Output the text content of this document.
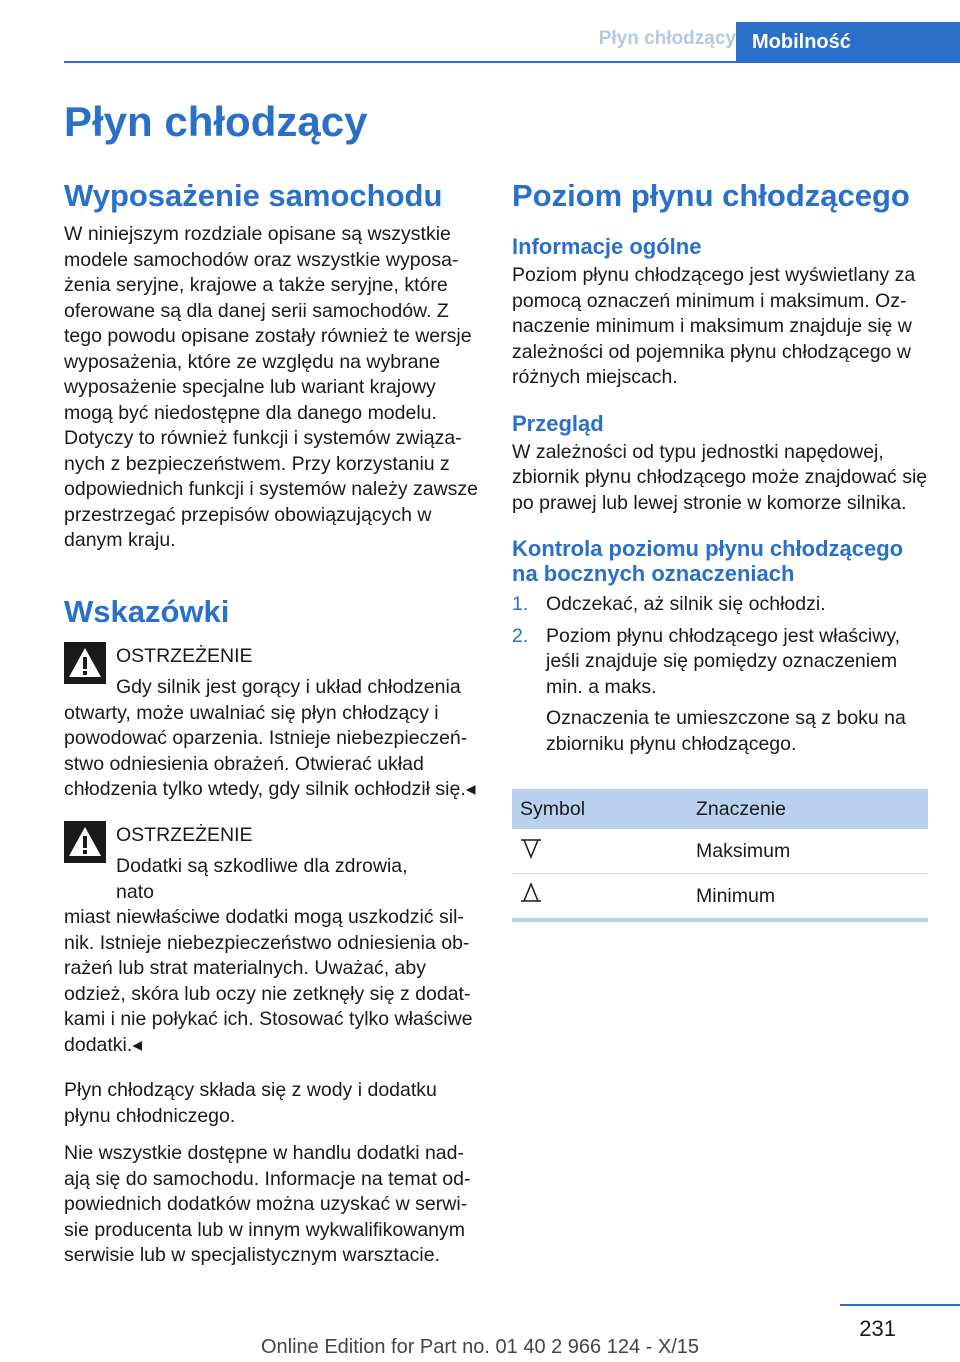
Płyn chłodzący Mobilność
Płyn chłodzący
Wyposażenie samochodu

W niniejszym rozdziale opisane są wszystkie modele samochodów oraz wszystkie wyposażenia seryjne, krajowe a także seryjne, które oferowane są dla danej serii samochodów. Z tego powodu opisane zostały również te wersje wyposażenia, które ze względu na wybrane wyposażenie specjalne lub wariant krajowy mogą być niedostępne dla danego modelu. Dotyczy to również funkcji i systemów związanych z bezpieczeństwem. Przy korzystaniu z odpowiednich funkcji i systemów należy zawsze przestrzegać przepisów obowiązujących w danym kraju.

Wskazówki
OSTRZEŻENIE
Gdy silnik jest gorący i układ chłodzenia

otwarty, może uwalniać się płyn chłodzący i powodować oparzenia. Istnieje niebezpieczeństwo odniesienia obrażeń. Otwierać układ chłodzenia tylko wtedy, gdy silnik ochłodził się.◂

OSTRZEŻENIE
Dodatki są szkodliwe dla zdrowia, nato

miast niewłaściwe dodatki mogą uszkodzić silnik. Istnieje niebezpieczeństwo odniesienia obrażeń lub strat materialnych. Uważać, aby odzież, skóra lub oczy nie zetknęły się z dodatkami i nie połykać ich. Stosować tylko właściwe dodatki.◂

Płyn chłodzący składa się z wody i dodatku płynu chłodniczego.

Nie wszystkie dostępne w handlu dodatki nadają się do samochodu. Informacje na temat odpowiednich dodatków można uzyskać w serwisie producenta lub w innym wykwalifikowanym serwisie lub w specjalistycznym warsztacie.

Poziom płynu chłodzącego
Informacje ogólne

Poziom płynu chłodzącego jest wyświetlany za pomocą oznaczeń minimum i maksimum. Oznaczenie minimum i maksimum znajduje się w zależności od pojemnika płynu chłodzącego w różnych miejscach.

Przegląd

W zależności od typu jednostki napędowej, zbiornik płynu chłodzącego może znajdować się po prawej lub lewej stronie w komorze silnika.

Kontrola poziomu płynu chłodzącego na bocznych oznaczeniach
1. Odczekać, aż silnik się ochłodzi.
2. Poziom płynu chłodzącego jest właściwy, jeśli znajduje się pomiędzy oznaczeniem min. a maks.

Oznaczenia te umieszczone są z boku na zbiorniku płynu chłodzącego.

Symbol	Znaczenie
	Maksimum
	Minimum
231
Online Edition for Part no. 01 40 2 966 124 - X/15
